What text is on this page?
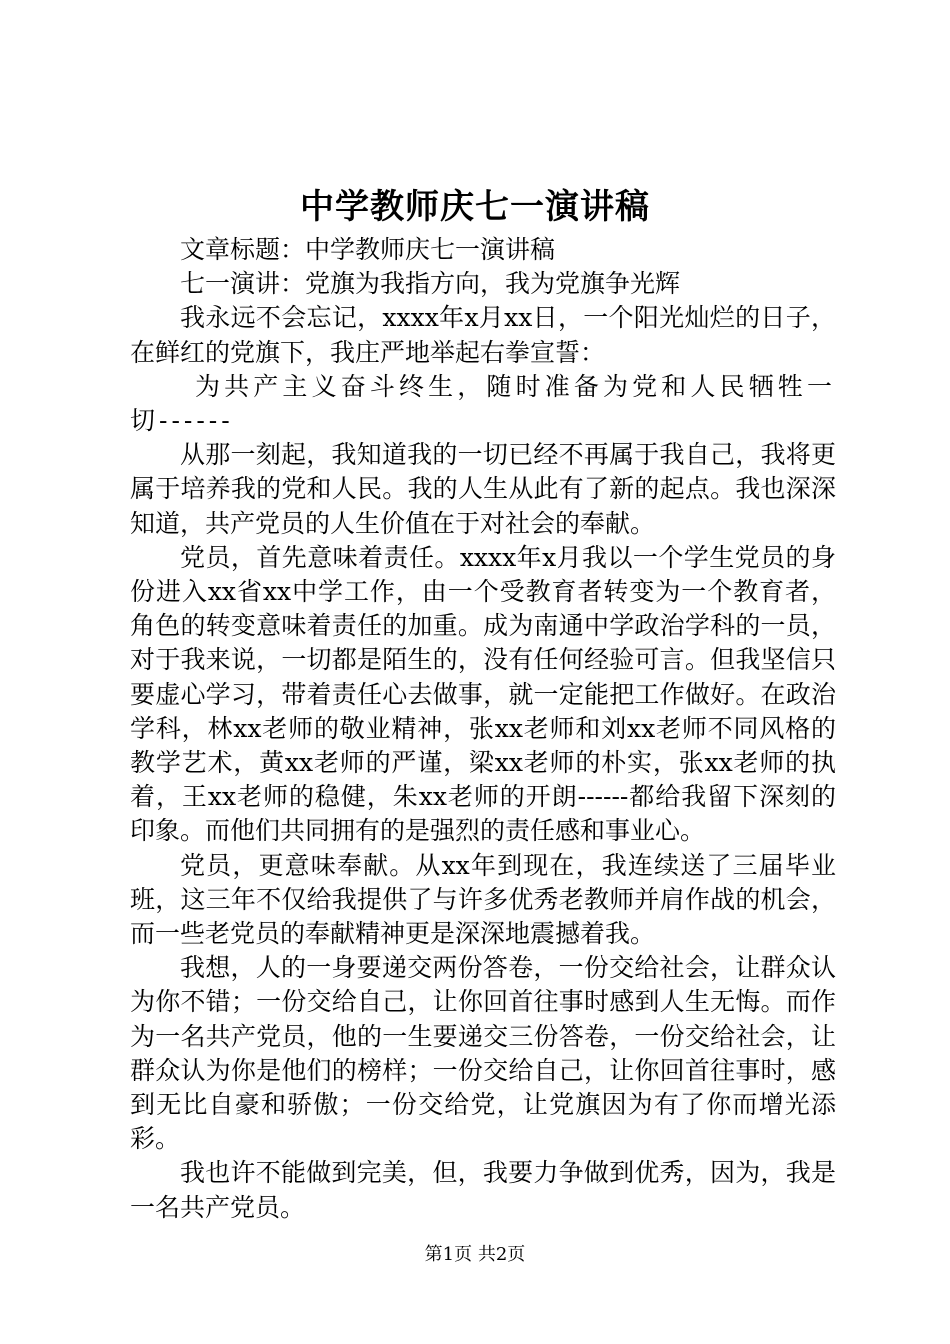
中学教师庆七一演讲稿

文章标题：中学教师庆七一演讲稿

七一演讲：党旗为我指方向，我为党旗争光辉

我永远不会忘记，xxxx年x月xx日，一个阳光灿烂的日子，在鲜红的党旗下，我庄严地举起右拳宣誓：

为共产主义奋斗终生，随时准备为党和人民牺牲一切------

从那一刻起，我知道我的一切已经不再属于我自己，我将更属于培养我的党和人民。我的人生从此有了新的起点。我也深深知道，共产党员的人生价值在于对社会的奉献。

党员，首先意味着责任。xxxx年x月我以一个学生党员的身份进入xx省xx中学工作，由一个受教育者转变为一个教育者，角色的转变意味着责任的加重。成为南通中学政治学科的一员，对于我来说，一切都是陌生的，没有任何经验可言。但我坚信只要虚心学习，带着责任心去做事，就一定能把工作做好。在政治学科，林xx老师的敬业精神，张xx老师和刘xx老师不同风格的教学艺术，黄xx老师的严谨，梁xx老师的朴实，张xx老师的执着，王xx老师的稳健，朱xx老师的开朗------都给我留下深刻的印象。而他们共同拥有的是强烈的责任感和事业心。

党员，更意味奉献。从xx年到现在，我连续送了三届毕业班，这三年不仅给我提供了与许多优秀老教师并肩作战的机会，而一些老党员的奉献精神更是深深地震撼着我。

我想，人的一身要递交两份答卷，一份交给社会，让群众认为你不错；一份交给自己，让你回首往事时感到人生无悔。而作为一名共产党员，他的一生要递交三份答卷，一份交给社会，让群众认为你是他们的榜样；一份交给自己，让你回首往事时，感到无比自豪和骄傲；一份交给党，让党旗因为有了你而增光添彩。

我也许不能做到完美，但，我要力争做到优秀，因为，我是一名共产党员。

第1页 共2页
